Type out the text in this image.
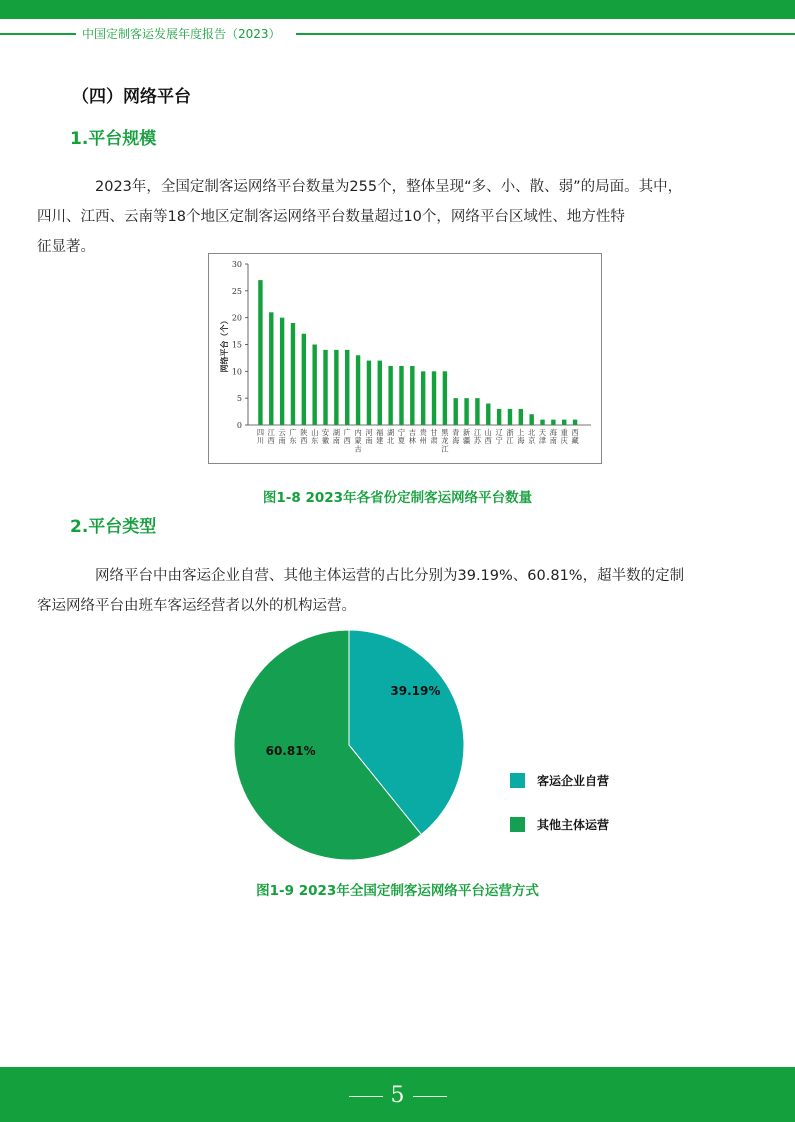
中国定制客运发展年度报告（2023）
（四）网络平台
1.平台规模
2023年，全国定制客运网络平台数量为255个，整体呈现“多、小、散、弱”的局面。其中，
四川、江西、云南等18个地区定制客运网络平台数量超过10个，网络平台区域性、地方性特
征显著。
0
5
10
15
20
25
30
网络平台（个）
四川
江西
云南
广东
陕西
山东
安徽
湖南
广西
内蒙古
河南
福建
湖北
宁夏
吉林
贵州
甘肃
黑龙江
青海
新疆
江苏
山西
辽宁
浙江
上海
北京
天津
海南
重庆
西藏
图1-8 2023年各省份定制客运网络平台数量
2.平台类型
网络平台中由客运企业自营、其他主体运营的占比分别为39.19%、60.81%，超半数的定制
客运网络平台由班车客运经营者以外的机构运营。
39.19%
60.81%
客运企业自营
其他主体运营
图1-9 2023年全国定制客运网络平台运营方式
5
